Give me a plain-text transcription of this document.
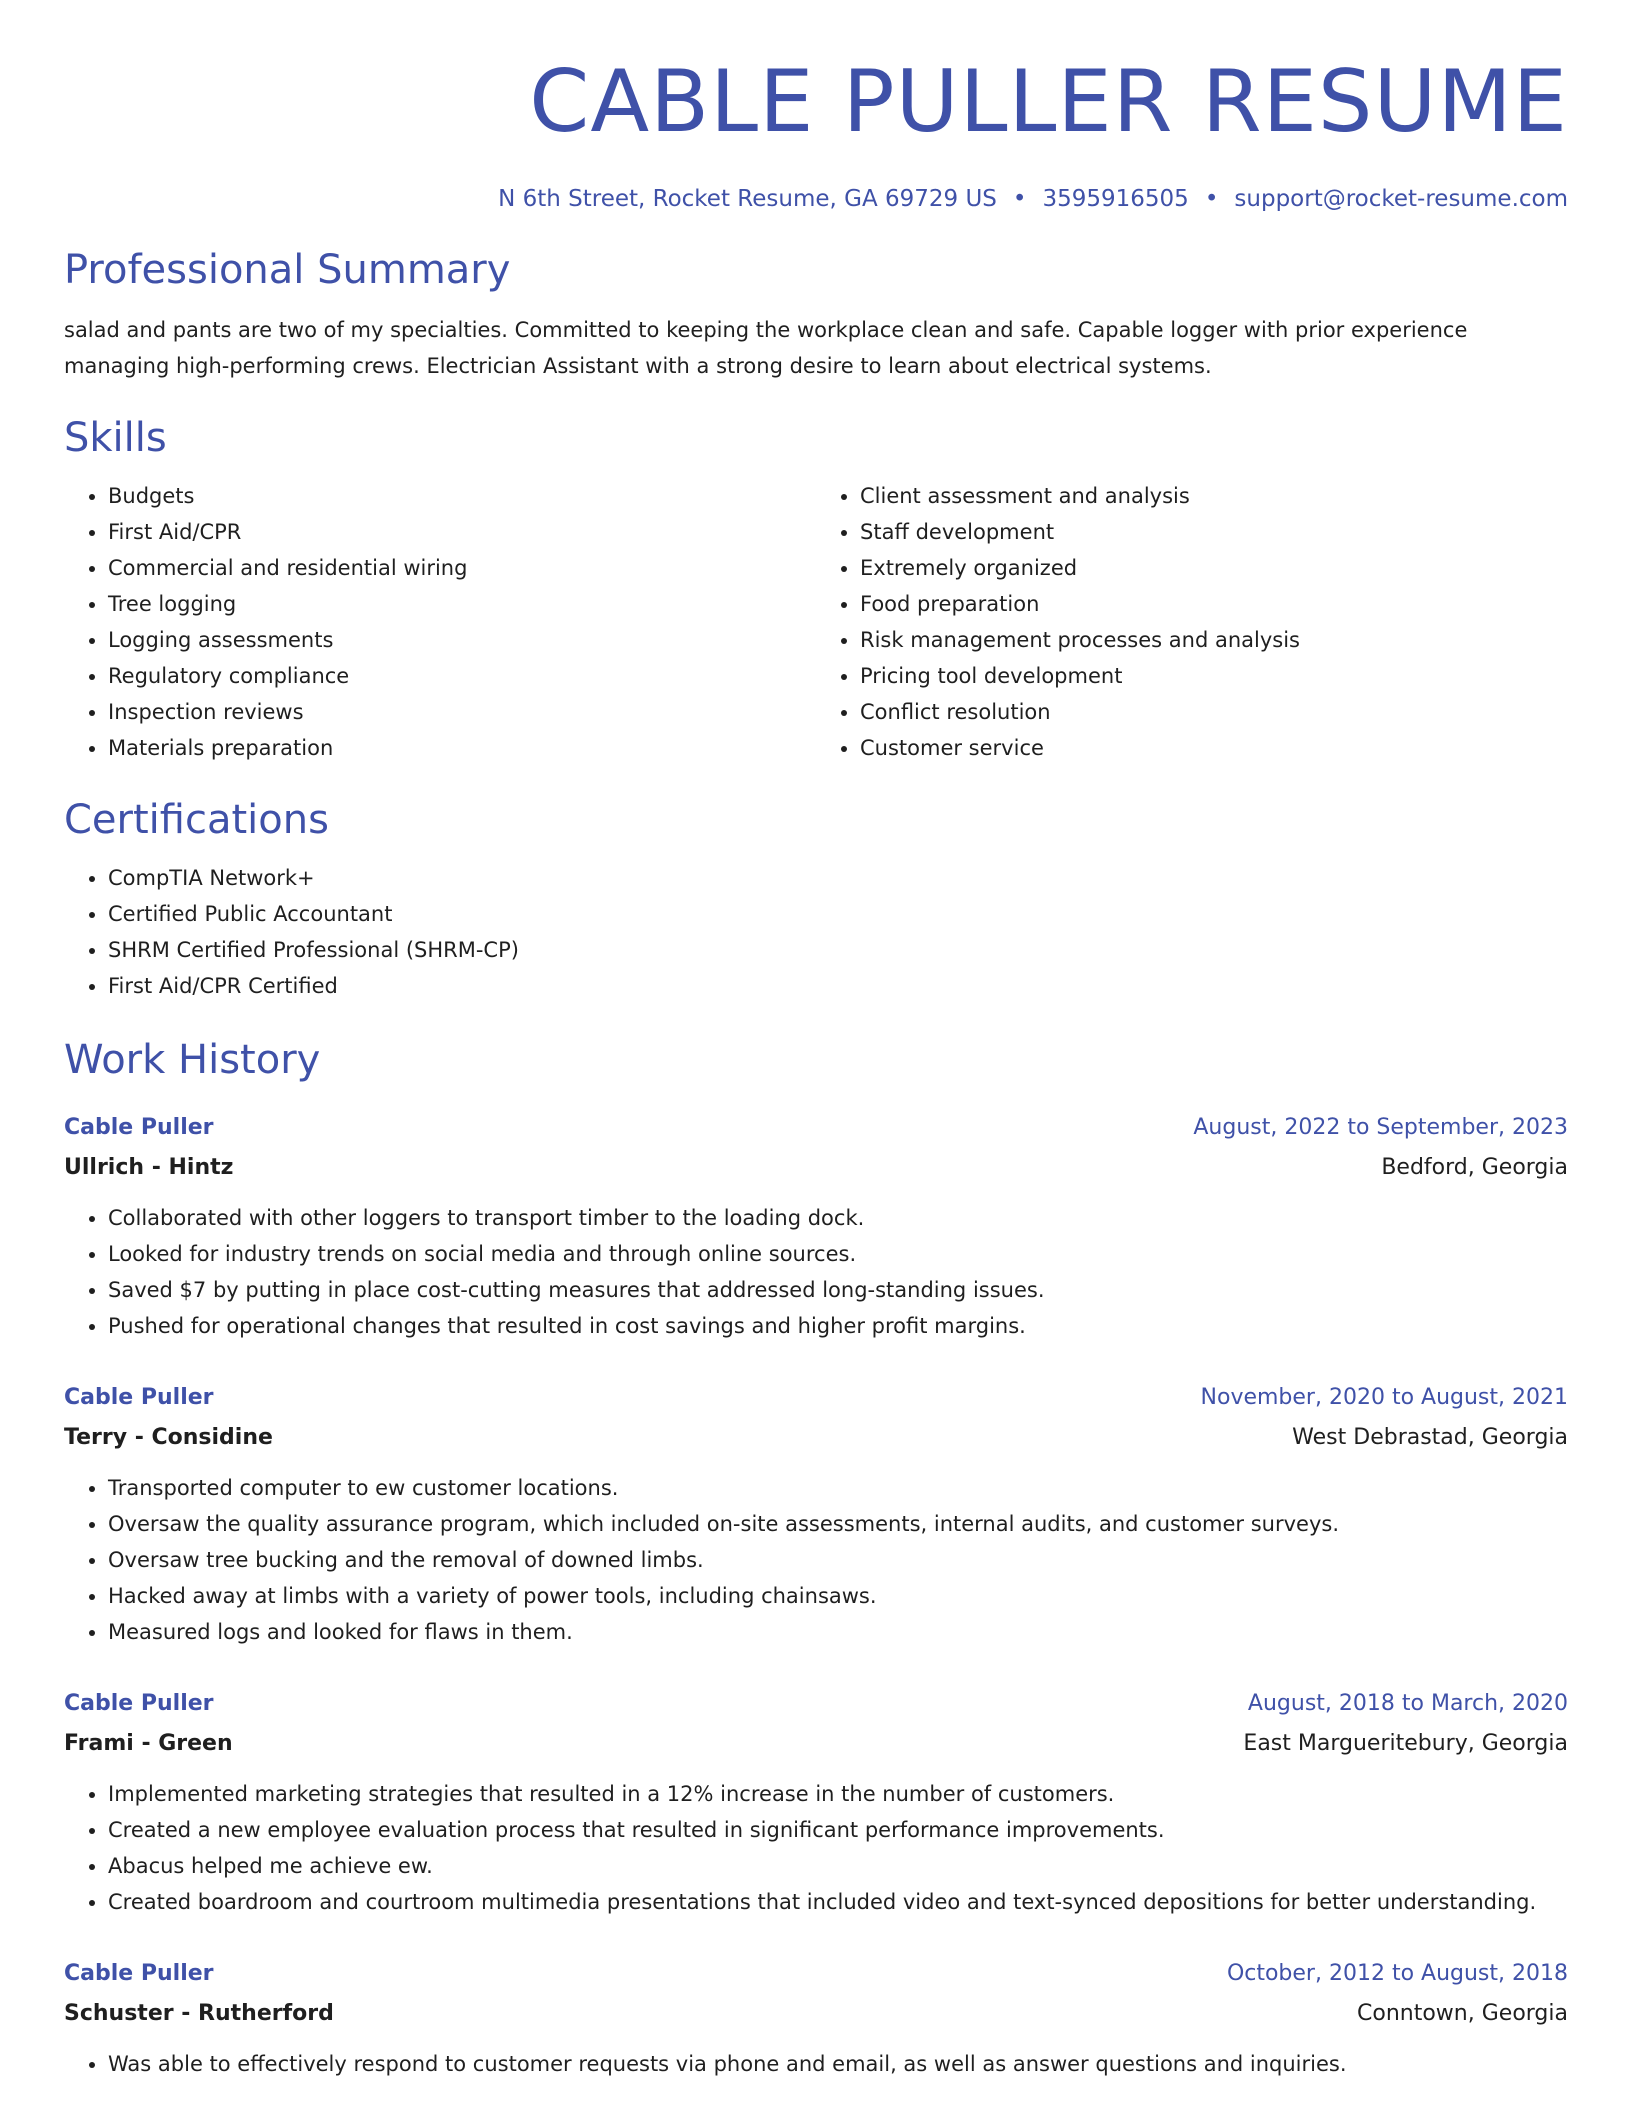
CABLE PULLER RESUME
N 6th Street, Rocket Resume, GA 69729 US • 3595916505 • support@rocket-resume.com
Professional Summary

salad and pants are two of my specialties. Committed to keeping the workplace clean and safe. Capable logger with prior experience managing high-performing crews. Electrician Assistant with a strong desire to learn about electrical systems.

Skills
• Budgets
• First Aid/CPR
• Commercial and residential wiring
• Tree logging
• Logging assessments
• Regulatory compliance
• Inspection reviews
• Materials preparation
• Client assessment and analysis
• Staff development
• Extremely organized
• Food preparation
• Risk management processes and analysis
• Pricing tool development
• Conflict resolution
• Customer service
Certifications
• CompTIA Network+
• Certified Public Accountant
• SHRM Certified Professional (SHRM-CP)
• First Aid/CPR Certified
Work History
Cable Puller	August, 2022 to September, 2023
Ullrich - Hintz	Bedford, Georgia
• Collaborated with other loggers to transport timber to the loading dock.
• Looked for industry trends on social media and through online sources.
• Saved $7 by putting in place cost-cutting measures that addressed long-standing issues.
• Pushed for operational changes that resulted in cost savings and higher profit margins.
Cable Puller	November, 2020 to August, 2021
Terry - Considine	West Debrastad, Georgia
• Transported computer to ew customer locations.
• Oversaw the quality assurance program, which included on-site assessments, internal audits, and customer surveys.
• Oversaw tree bucking and the removal of downed limbs.
• Hacked away at limbs with a variety of power tools, including chainsaws.
• Measured logs and looked for flaws in them.
Cable Puller	August, 2018 to March, 2020
Frami - Green	East Margueritebury, Georgia
• Implemented marketing strategies that resulted in a 12% increase in the number of customers.
• Created a new employee evaluation process that resulted in significant performance improvements.
• Abacus helped me achieve ew.
• Created boardroom and courtroom multimedia presentations that included video and text-synced depositions for better understanding.
Cable Puller	October, 2012 to August, 2018
Schuster - Rutherford	Conntown, Georgia
• Was able to effectively respond to customer requests via phone and email, as well as answer questions and inquiries.
